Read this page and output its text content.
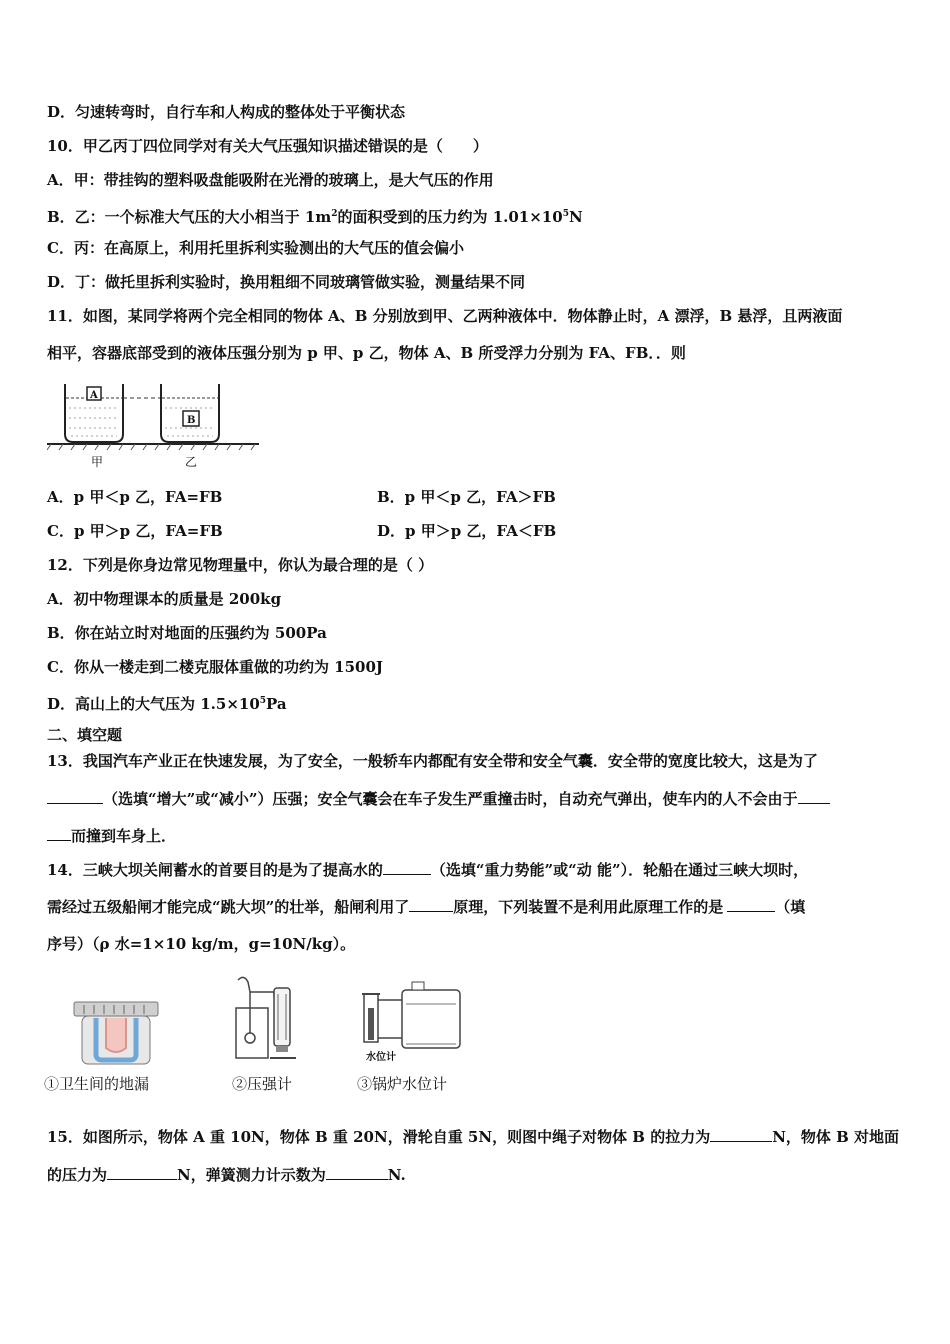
D．匀速转弯时，自行车和人构成的整体处于平衡状态
10．甲乙丙丁四位同学对有关大气压强知识描述错误的是（　　）
A．甲：带挂钩的塑料吸盘能吸附在光滑的玻璃上，是大气压的作用
B．乙：一个标准大气压的大小相当于 $1m^2$的面积受到的压力约为 $1.01\times 10^5N$
C．丙：在高原上，利用托里拆利实验测出的大气压的值会偏小
D．丁：做托里拆利实验时，换用粗细不同玻璃管做实验，测量结果不同
11．如图，某同学将两个完全相同的物体 A、B 分别放到甲、乙两种液体中．物体静止时，A 漂浮，B 悬浮，且两液面
相平，容器底部受到的液体压强分别为 p 甲、p 乙，物体 A、B 所受浮力分别为 FA、FB．．则
A
B
甲	乙
A．p 甲＜p 乙，FA=FB	B．p 甲＜p 乙，FA＞FB
C．p 甲＞p 乙，FA=FB	D．p 甲＞p 乙，FA＜FB
12．下列是你身边常见物理量中，你认为最合理的是（ ）
A．初中物理课本的质量是 200kg
B．你在站立时对地面的压强约为 500Pa
C．你从一楼走到二楼克服体重做的功约为 1500J
D．高山上的大气压为 $1.5\times 10^5Pa$
二、填空题
13．我国汽车产业正在快速发展，为了安全，一般轿车内都配有安全带和安全气囊．安全带的宽度比较大，这是为了
（选填“增大”或“减小”）压强；安全气囊会在车子发生严重撞击时，自动充气弹出，使车内的人不会由于
而撞到车身上．
14．三峡大坝关闸蓄水的首要目的是为了提高水的	（选填“重力势能”或“动 能”）．轮船在通过三峡大坝时，
需经过五级船闸才能完成“跳大坝”的壮举，船闸利用了	原理，下列装置不是利用此原理工作的是	（填
序号）（ρ 水=1×10 kg/m，g=10N/kg）。
水位计
①卫生间的地漏	②压强计	③锅炉水位计
15．如图所示，物体 A 重 10N，物体 B 重 20N，滑轮自重 5N，则图中绳子对物体 B 的拉力为	N，物体 B 对地面
的压力为	N，弹簧测力计示数为	N.
